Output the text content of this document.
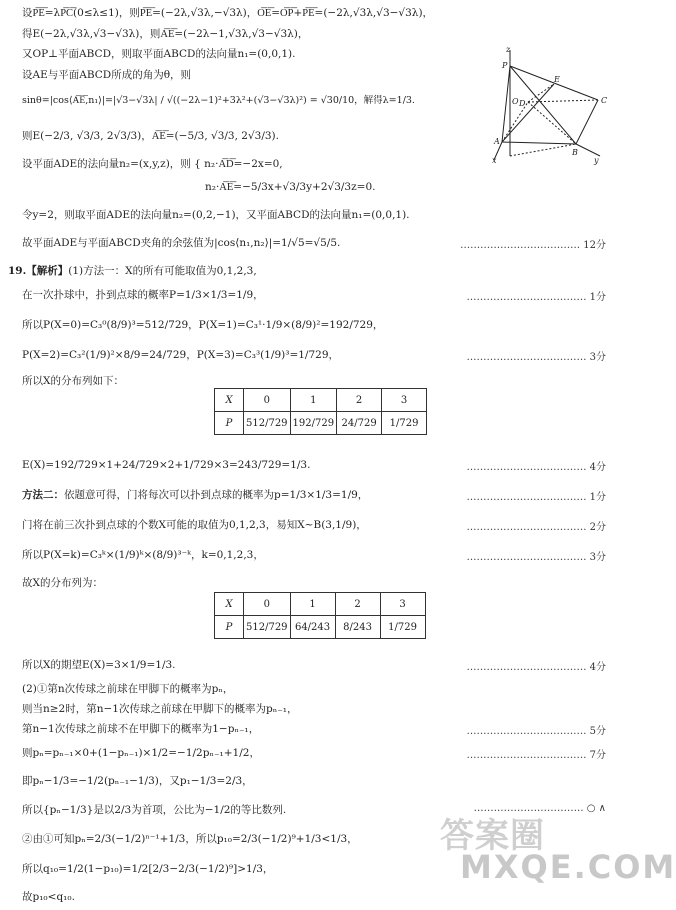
设P͞E͞=λP͞C͞(0≤λ≤1)，则P͞E͞=(−2λ,√3λ,−√3λ)，O͞E͞=O͞P͞+P͞E͞=(−2λ,√3λ,√3−√3λ)，
得E(−2λ,√3λ,√3−√3λ)，则A͞E͞=(−2λ−1,√3λ,√3−√3λ)，
又OP⊥平面ABCD，则取平面ABCD的法向量n₁=(0,0,1).
设AE与平面ABCD所成的角为θ，则
sinθ=|cos⟨A͞E͞,n₁⟩|=|√3−√3λ| / √((−2λ−1)²+3λ²+(√3−√3λ)²) = √30/10，解得λ=1/3.
则E(−2/3, √3/3, 2√3/3)，A͞E͞=(−5/3, √3/3, 2√3/3).
设平面ADE的法向量n₂=(x,y,z)，则 { n₂·A͞D͞=−2x=0,
n₂·A͞E͞=−5/3x+√3/3y+2√3/3z=0.
令y=2，则取平面ADE的法向量n₂=(0,2,−1)，又平面ABCD的法向量n₁=(0,0,1).
故平面ADE与平面ABCD夹角的余弦值为|cos⟨n₁,n₂⟩|=1/√5=√5/5.	……………………………… 12分
z
P
E
D
O	C
A
B
x	y
19.【解析】(1)方法一：X的所有可能取值为0,1,2,3,
在一次扑球中，扑到点球的概率P=1/3×1/3=1/9，	……………………………… 1分
所以P(X=0)=C₃⁰(8/9)³=512/729，P(X=1)=C₃¹·1/9×(8/9)²=192/729，
P(X=2)=C₃²(1/9)²×8/9=24/729，P(X=3)=C₃³(1/9)³=1/729，	……………………………… 3分
所以X的分布列如下：
X	0	1	2	3
P	512/729	192/729	24/729	1/729
E(X)=192/729×1+24/729×2+1/729×3=243/729=1/3.	……………………………… 4分
方法二：依题意可得，门将每次可以扑到点球的概率为p=1/3×1/3=1/9，	……………………………… 1分
门将在前三次扑到点球的个数X可能的取值为0,1,2,3，易知X~B(3,1/9)，	……………………………… 2分
所以P(X=k)=C₃ᵏ×(1/9)ᵏ×(8/9)³⁻ᵏ，k=0,1,2,3，	……………………………… 3分
故X的分布列为：
X	0	1	2	3
P	512/729	64/243	8/243	1/729
所以X的期望E(X)=3×1/9=1/3.	……………………………… 4分
(2)①第n次传球之前球在甲脚下的概率为pₙ，
则当n≥2时，第n−1次传球之前球在甲脚下的概率为pₙ₋₁，
第n−1次传球之前球不在甲脚下的概率为1−pₙ₋₁，	……………………………… 5分
则pₙ=pₙ₋₁×0+(1−pₙ₋₁)×1/2=−1/2pₙ₋₁+1/2，	……………………………… 7分
即pₙ−1/3=−1/2(pₙ₋₁−1/3)，又p₁−1/3=2/3，
所以{pₙ−1/3}是以2/3为首项，公比为−1/2的等比数列.	…………………………… ○ ∧
②由①可知pₙ=2/3(−1/2)ⁿ⁻¹+1/3，所以p₁₀=2/3(−1/2)⁹+1/3<1/3，
所以q₁₀=1/2(1−p₁₀)=1/2[2/3−2/3(−1/2)⁹]>1/3，
故p₁₀<q₁₀.
答案圈
MXQE.COM
